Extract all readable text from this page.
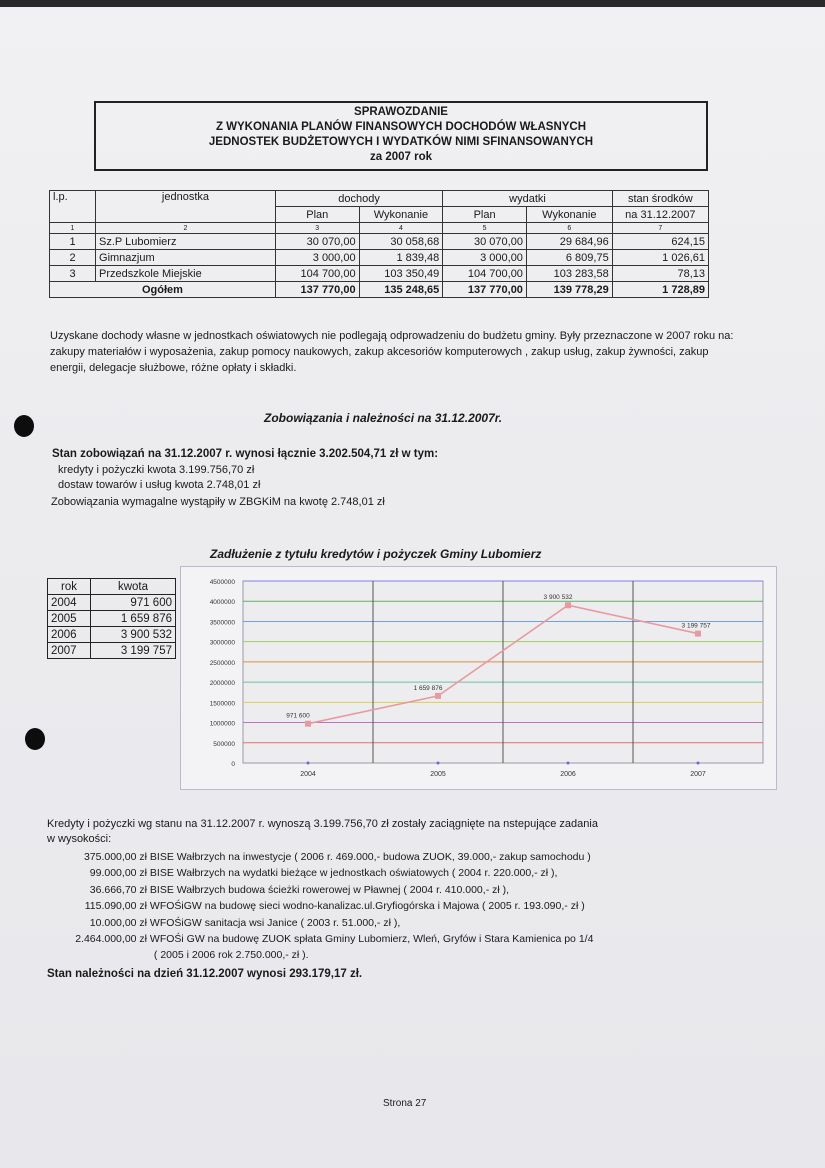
SPRAWOZDANIE
Z WYKONANIA PLANÓW FINANSOWYCH DOCHODÓW WŁASNYCH
JEDNOSTEK BUDŻETOWYCH I WYDATKÓW NIMI SFINANSOWANYCH
za 2007 rok
l.p.	jednostka	dochody		wydatki		stan środków
		Plan	Wykonanie	Plan	Wykonanie	na 31.12.2007
1	2	3	4	5	6	7
1	Sz.P Lubomierz	30 070,00	30 058,68	30 070,00	29 684,96	624,15
2	Gimnazjum	3 000,00	1 839,48	3 000,00	6 809,75	1 026,61
3	Przedszkole Miejskie	104 700,00	103 350,49	104 700,00	103 283,58	78,13
Ogółem		137 770,00	135 248,65	137 770,00	139 778,29	1 728,89

Uzyskane dochody własne w jednostkach oświatowych nie podlegają odprowadzeniu do budżetu gminy. Były przeznaczone w 2007 roku na: zakupy materiałów i wyposażenia, zakup pomocy naukowych, zakup akcesoriów komputerowych , zakup usług, zakup żywności, zakup energii, delegacje służbowe, różne opłaty i składki.

Zobowiązania i należności na 31.12.2007r.

Stan zobowiązań na 31.12.2007 r. wynosi łącznie 3.202.504,71 zł w tym:

kredyty i pożyczki kwota 3.199.756,70 zł

dostaw towarów i usług kwota 2.748,01 zł

Zobowiązania wymagalne wystąpiły w ZBGKiM na kwotę 2.748,01 zł

Zadłużenie z tytułu kredytów i pożyczek Gminy Lubomierz
rok	kwota
2004	971 600
2005	1 659 876
2006	3 900 532
2007	3 199 757
0
500000
1000000
1500000
2000000
2500000
3000000
3500000
4000000
4500000
2004	2005	2006	2007
971 600
1 659 876
3 900 532
3 199 757

Kredyty i pożyczki wg stanu na 31.12.2007 r. wynoszą 3.199.756,70 zł zostały zaciągnięte na nstepujące zadania

w wysokości:

375.000,00 zł BISE Wałbrzych na inwestycje ( 2006 r. 469.000,- budowa ZUOK, 39.000,- zakup samochodu )
99.000,00 zł BISE Wałbrzych na wydatki bieżące w jednostkach oświatowych ( 2004 r. 220.000,- zł ),
36.666,70 zł BISE Wałbrzych budowa ścieżki rowerowej w Pławnej ( 2004 r. 410.000,- zł ),
115.090,00 zł WFOŚiGW na budowę sieci wodno-kanalizac.ul.Gryfiogórska i Majowa ( 2005 r. 193.090,- zł )
10.000,00 zł WFOŚiGW sanitacja wsi Janice ( 2003 r. 51.000,- zł ),
2.464.000,00 zł WFOŚi GW na budowę ZUOK spłata Gminy Lubomierz, Wleń, Gryfów i Stara Kamienica po 1/4
( 2005 i 2006 rok 2.750.000,- zł ).

Stan należności na dzień 31.12.2007 wynosi 293.179,17 zł.

Strona 27
